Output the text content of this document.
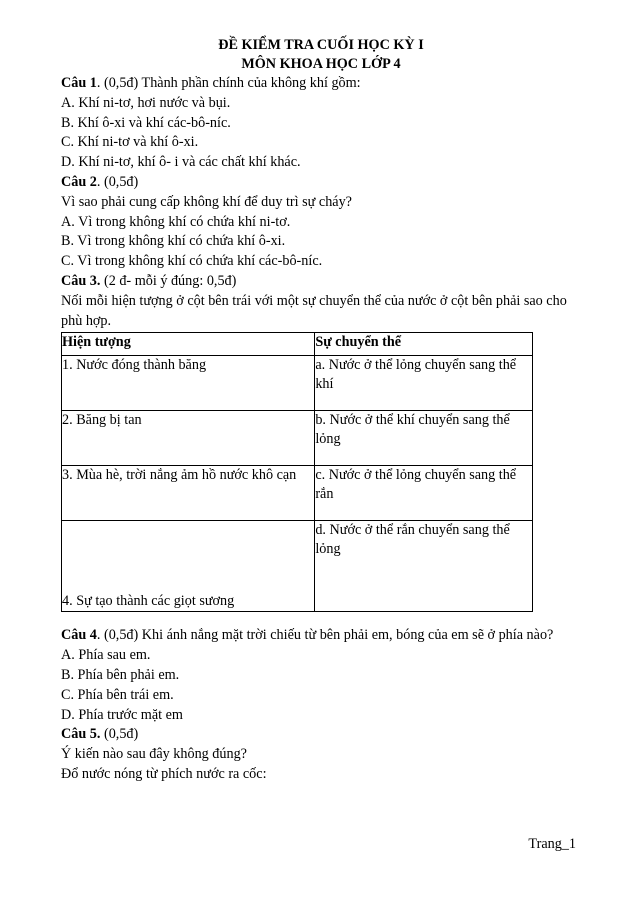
ĐỀ KIỂM TRA CUỐI HỌC KỲ I
MÔN KHOA HỌC LỚP 4
Câu 1. (0,5đ) Thành phần chính của không khí gồm:
A. Khí ni-tơ, hơi nước và bụi.
B. Khí ô-xi và khí các-bô-níc.
C. Khí ni-tơ và khí ô-xi.
D. Khí ni-tơ, khí ô- i và các chất khí khác.
Câu 2. (0,5đ)
Vì sao phải cung cấp không khí để duy trì sự cháy?
A. Vì trong không khí có chứa khí ni-tơ.
B. Vì trong không khí có chứa khí ô-xi.
C. Vì trong không khí có chứa khí các-bô-níc.
Câu 3. (2 đ- mỗi ý đúng: 0,5đ)
Nối mỗi hiện tượng ở cột bên trái với một sự chuyển thể của nước ở cột bên phải sao cho phù hợp.
Hiện tượng	Sự chuyển thể
1. Nước đóng thành băng	a. Nước ở thể lỏng chuyển sang thể khí
2. Băng bị tan	b. Nước ở thể khí chuyển sang thể lỏng
3. Mùa hè, trời nắng ảm hồ nước khô cạn	c. Nước ở thể lỏng chuyển sang thể rắn
4. Sự tạo thành các giọt sương	d. Nước ở thể rắn chuyển sang thể lỏng
Câu 4. (0,5đ) Khi ánh nắng mặt trời chiếu từ bên phải em, bóng của em sẽ ở phía nào?
A. Phía sau em.
B. Phía bên phải em.
C. Phía bên trái em.
D. Phía trước mặt em
Câu 5. (0,5đ)
Ý kiến nào sau đây không đúng?
Đổ nước nóng từ phích nước ra cốc:
Trang_1
